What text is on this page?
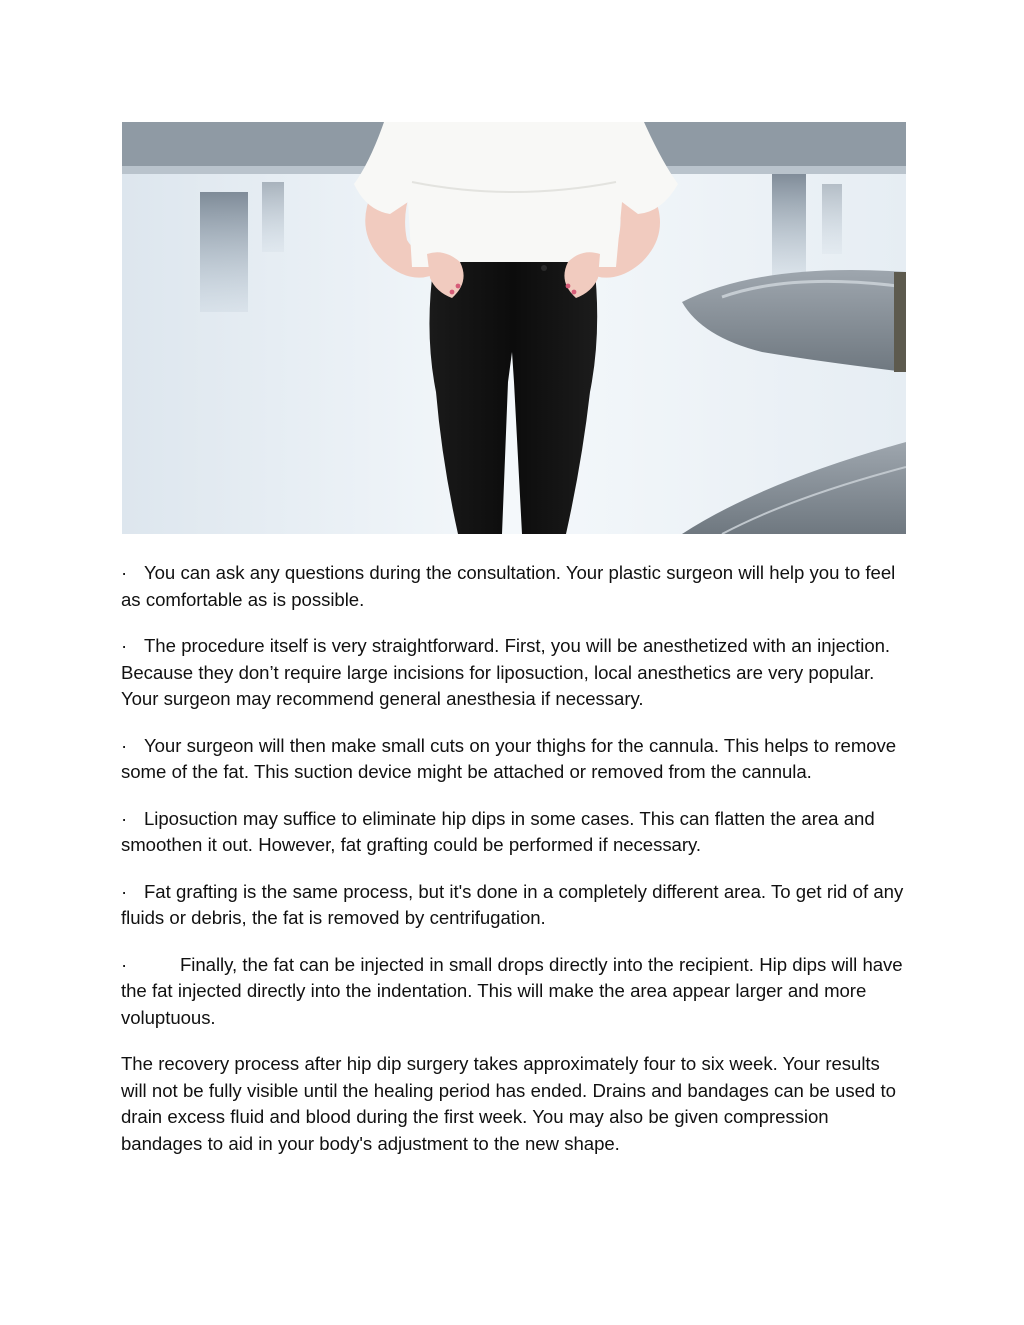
· You can ask any questions during the consultation. Your plastic surgeon will help you to feel as comfortable as is possible.

· The procedure itself is very straightforward. First, you will be anesthetized with an injection. Because they don’t require large incisions for liposuction, local anesthetics are very popular. Your surgeon may recommend general anesthesia if necessary.

· Your surgeon will then make small cuts on your thighs for the cannula. This helps to remove some of the fat. This suction device might be attached or removed from the cannula.

· Liposuction may suffice to eliminate hip dips in some cases. This can flatten the area and smoothen it out. However, fat grafting could be performed if necessary.

· Fat grafting is the same process, but it's done in a completely different area. To get rid of any fluids or debris, the fat is removed by centrifugation.

·	Finally, the fat can be injected in small drops directly into the recipient. Hip dips will have the fat injected directly into the indentation. This will make the area appear larger and more voluptuous.

The recovery process after hip dip surgery takes approximately four to six week. Your results will not be fully visible until the healing period has ended. Drains and bandages can be used to drain excess fluid and blood during the first week. You may also be given compression bandages to aid in your body's adjustment to the new shape.
